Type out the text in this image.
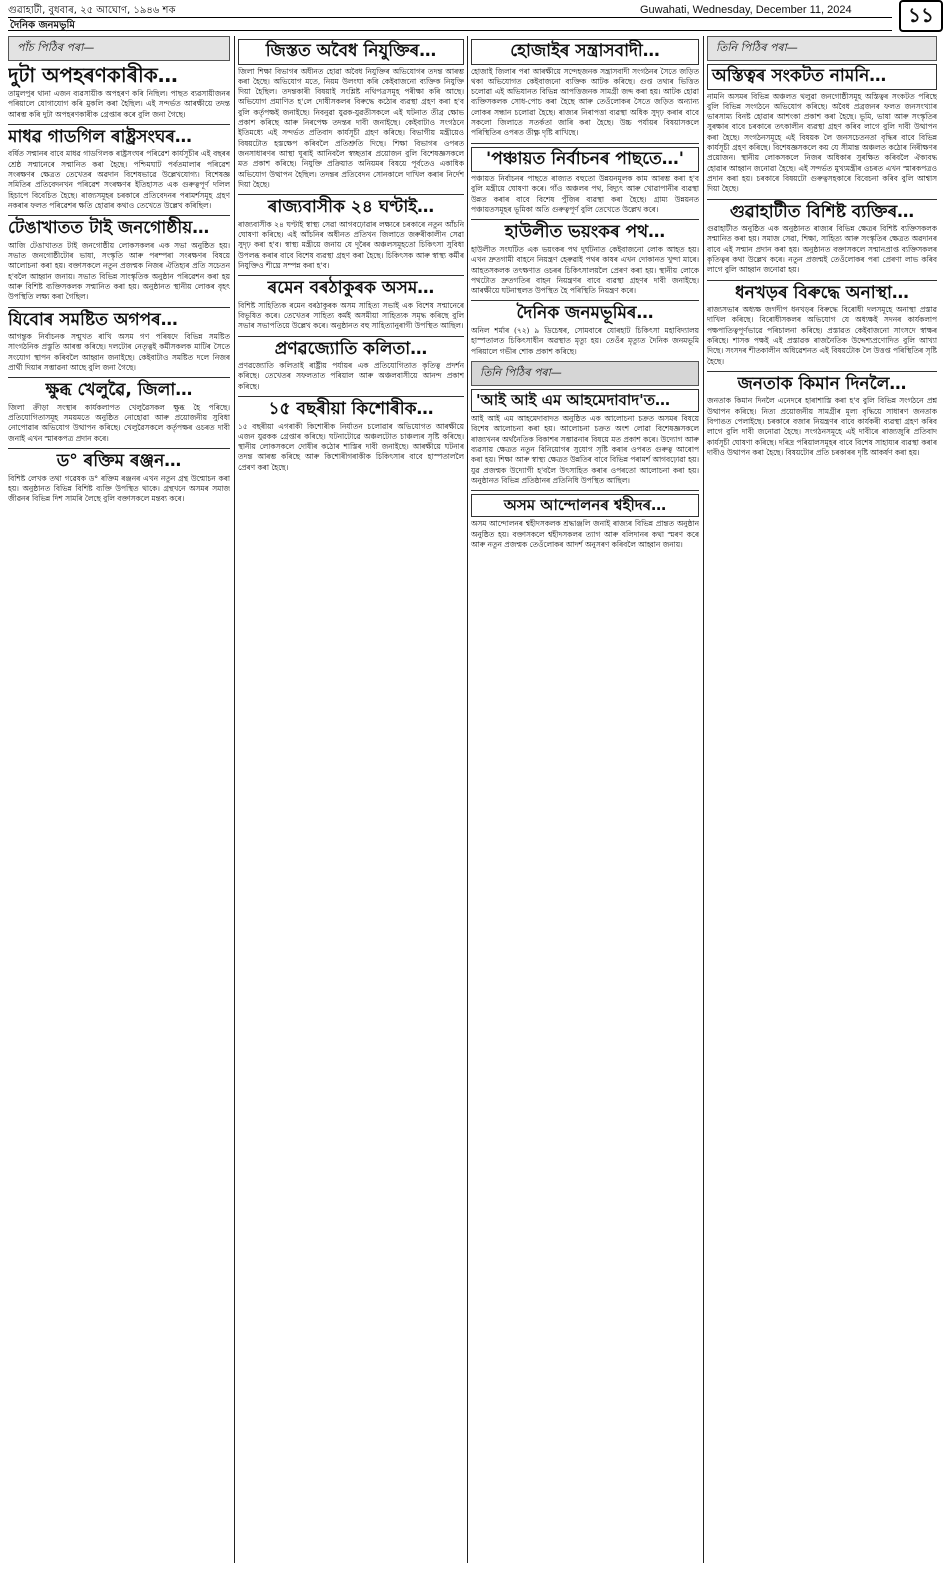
গুৱাহাটী, বুধবাৰ, ২৫ আঘোণ, ১৯৪৬ শক	Guwahati, Wednesday, December 11, 2024	১১
দৈনিক জনমভূমি
পাঁচ পিঠিৰ পৰা—
দুটা অপহৰণকাৰীক…

তামুলপুৰ থানা এজন ব্যৱসায়ীক অপহৰণ কৰি নিছিল। পাছত ব্যৱসায়ীজনৰ পৰিয়ালে যোগাযোগ কৰি মুকলি কৰা হৈছিল। এই সন্দৰ্ভত আৰক্ষীয়ে তদন্ত আৰম্ভ কৰি দুটা অপহৰণকাৰীক গ্ৰেপ্তাৰ কৰে বুলি জনা গৈছে।

মাধৱ গাডগিল ৰাষ্ট্ৰসংঘৰ…

বৰ্ষিত সন্মানৰ বাবে মাধৱ গাডগিলক ৰাষ্ট্ৰসংঘৰ পৰিৱেশ কাৰ্যসূচীৰ এই বছৰৰ শ্ৰেষ্ঠ সন্মানেৰে সন্মানিত কৰা হৈছে। পশ্চিমঘাট পৰ্বতমালাৰ পৰিৱেশ সংৰক্ষণৰ ক্ষেত্ৰত তেখেতৰ অৱদান বিশেষভাৱে উল্লেখযোগ্য। বিশেষজ্ঞ সমিতিৰ প্ৰতিবেদনখন পৰিৱেশ সংৰক্ষণৰ ইতিহাসত এক গুৰুত্বপূৰ্ণ দলিল হিচাপে বিবেচিত হৈছে। ৰাজ্যসমূহৰ চৰকাৰে প্ৰতিবেদনৰ পৰামৰ্শসমূহ গ্ৰহণ নকৰাৰ ফলত পৰিৱেশৰ ক্ষতি হোৱাৰ কথাও তেখেতে উল্লেখ কৰিছিল।

টেঙাখাতত টাই জনগোষ্ঠীয়…

আজি টেঙাখাতত টাই জনগোষ্ঠীয় লোকসকলৰ এক সভা অনুষ্ঠিত হয়। সভাত জনগোষ্ঠীটোৰ ভাষা, সংস্কৃতি আৰু পৰম্পৰা সংৰক্ষণৰ বিষয়ে আলোচনা কৰা হয়। বক্তাসকলে নতুন প্ৰজন্মক নিজৰ ঐতিহ্যৰ প্ৰতি সচেতন হ'বলৈ আহ্বান জনায়। সভাত বিভিন্ন সাংস্কৃতিক অনুষ্ঠান পৰিৱেশন কৰা হয় আৰু বিশিষ্ট ব্যক্তিসকলক সন্মানিত কৰা হয়। অনুষ্ঠানত স্থানীয় লোকৰ বৃহৎ উপস্থিতি লক্ষ্য কৰা গৈছিল।

যিবোৰ সমষ্টিত অগপৰ…

আগন্তুক নিৰ্বাচনক সন্মুখত ৰাখি অসম গণ পৰিষদে বিভিন্ন সমষ্টিত সাংগঠনিক প্ৰস্তুতি আৰম্ভ কৰিছে। দলটোৰ নেতৃত্বই কৰ্মীসকলক মাটিৰ সৈতে সংযোগ স্থাপন কৰিবলৈ আহ্বান জনাইছে। কেইবাটাও সমষ্টিত দলে নিজৰ প্ৰাৰ্থী দিয়াৰ সম্ভাৱনা আছে বুলি জনা গৈছে।

ক্ষুব্ধ খেলুৱৈ, জিলা…

জিলা ক্ৰীড়া সংস্থাৰ কাৰ্যকলাপত খেলুৱৈসকল ক্ষুব্ধ হৈ পৰিছে। প্ৰতিযোগিতাসমূহ সময়মতে অনুষ্ঠিত নোহোৱা আৰু প্ৰয়োজনীয় সুবিধা নোপোৱাৰ অভিযোগ উত্থাপন কৰিছে। খেলুৱৈসকলে কৰ্তৃপক্ষৰ ওচৰত দাবী জনাই এখন স্মাৰকপত্ৰ প্ৰদান কৰে।

ড° ৰক্তিম ৰঞ্জন…

বিশিষ্ট লেখক তথা গৱেষক ড° ৰক্তিম ৰঞ্জনৰ এখন নতুন গ্ৰন্থ উন্মোচন কৰা হয়। অনুষ্ঠানত বিভিন্ন বিশিষ্ট ব্যক্তি উপস্থিত থাকে। গ্ৰন্থখনে অসমৰ সমাজ জীৱনৰ বিভিন্ন দিশ সামৰি লৈছে বুলি বক্তাসকলে মন্তব্য কৰে।

জিস্তত অবৈধ নিযুক্তিৰ…

জিলা শিক্ষা বিভাগৰ অধীনত হোৱা অবৈধ নিযুক্তিৰ অভিযোগৰ তদন্ত আৰম্ভ কৰা হৈছে। অভিযোগ মতে, নিয়ম উলংঘা কৰি কেইবাজনো ব্যক্তিক নিযুক্তি দিয়া হৈছিল। তদন্তকাৰী বিষয়াই সংশ্লিষ্ট নথিপত্ৰসমূহ পৰীক্ষা কৰি আছে। অভিযোগ প্ৰমাণিত হ'লে দোষীসকলৰ বিৰুদ্ধে কঠোৰ ব্যৱস্থা গ্ৰহণ কৰা হ'ব বুলি কৰ্তৃপক্ষই জনাইছে। নিবনুৱা যুৱক-যুৱতীসকলে এই ঘটনাত তীব্ৰ ক্ষোভ প্ৰকাশ কৰিছে আৰু নিৰপেক্ষ তদন্তৰ দাবী জনাইছে। কেইবাটাও সংগঠনে ইতিমধ্যে এই সন্দৰ্ভত প্ৰতিবাদ কাৰ্যসূচী গ্ৰহণ কৰিছে। বিভাগীয় মন্ত্ৰীয়েও বিষয়টোত হস্তক্ষেপ কৰিবলৈ প্ৰতিশ্ৰুতি দিছে। শিক্ষা বিভাগৰ ওপৰত জনসাধাৰণৰ আস্থা ঘূৰাই আনিবলৈ স্বচ্ছতাৰ প্ৰয়োজন বুলি বিশেষজ্ঞসকলে মত প্ৰকাশ কৰিছে। নিযুক্তি প্ৰক্ৰিয়াত অনিয়মৰ বিষয়ে পূৰ্বতেও একাধিক অভিযোগ উত্থাপন হৈছিল। তদন্তৰ প্ৰতিবেদন সোনকালে দাখিল কৰাৰ নিৰ্দেশ দিয়া হৈছে।

ৰাজ্যবাসীক ২৪ ঘণ্টাই…

ৰাজ্যবাসীক ২৪ ঘণ্টাই স্বাস্থ্য সেৱা আগবঢ়োৱাৰ লক্ষ্যৰে চৰকাৰে নতুন আঁচনি ঘোষণা কৰিছে। এই আঁচনিৰ অধীনত প্ৰতিখন জিলাতে জৰুৰীকালীন সেৱা সুদৃঢ় কৰা হ'ব। স্বাস্থ্য মন্ত্ৰীয়ে জনায় যে দূৰৈৰ অঞ্চলসমূহতো চিকিৎসা সুবিধা উপলব্ধ কৰাৰ বাবে বিশেষ ব্যৱস্থা গ্ৰহণ কৰা হৈছে। চিকিৎসক আৰু স্বাস্থ্য কৰ্মীৰ নিযুক্তিও শীঘ্ৰে সম্পন্ন কৰা হ'ব।

ৰমেন বৰঠাকুৰক অসম…

বিশিষ্ট সাহিত্যিক ৰমেন বৰঠাকুৰক অসম সাহিত্য সভাই এক বিশেষ সন্মানেৰে বিভূষিত কৰে। তেখেতৰ সাহিত্য কৰ্মই অসমীয়া সাহিত্যক সমৃদ্ধ কৰিছে বুলি সভাৰ সভাপতিয়ে উল্লেখ কৰে। অনুষ্ঠানত বহু সাহিত্যানুৰাগী উপস্থিত আছিল।

প্ৰণৱজ্যোতি কলিতা…

প্ৰণৱজ্যোতি কলিতাই ৰাষ্ট্ৰীয় পৰ্যায়ৰ এক প্ৰতিযোগিতাত কৃতিত্ব প্ৰদৰ্শন কৰিছে। তেখেতৰ সফলতাত পৰিয়াল আৰু অঞ্চলবাসীয়ে আনন্দ প্ৰকাশ কৰিছে।

১৫ বছৰীয়া কিশোৰীক…

১৫ বছৰীয়া এগৰাকী কিশোৰীক নিৰ্যাতন চলোৱাৰ অভিযোগত আৰক্ষীয়ে এজন যুৱকক গ্ৰেপ্তাৰ কৰিছে। ঘটনাটোৱে অঞ্চলটোত চাঞ্চল্যৰ সৃষ্টি কৰিছে। স্থানীয় লোকসকলে দোষীৰ কঠোৰ শাস্তিৰ দাবী জনাইছে। আৰক্ষীয়ে ঘটনাৰ তদন্ত আৰম্ভ কৰিছে আৰু কিশোৰীগৰাকীক চিকিৎসাৰ বাবে হাস্পতাললৈ প্ৰেৰণ কৰা হৈছে।

হোজাইৰ সন্ত্ৰাসবাদী…

হোজাই জিলাৰ পৰা আৰক্ষীয়ে সন্দেহজনক সন্ত্ৰাসবাদী সংগঠনৰ সৈতে জড়িত থকা অভিযোগত কেইবাজনো ব্যক্তিক আটক কৰিছে। গুপ্ত তথ্যৰ ভিত্তিত চলোৱা এই অভিযানত বিভিন্ন আপত্তিজনক সামগ্ৰী জব্দ কৰা হয়। আটক হোৱা ব্যক্তিসকলক সোধ-পোচ কৰা হৈছে আৰু তেওঁলোকৰ সৈতে জড়িত অন্যান্য লোকৰ সন্ধান চলোৱা হৈছে। ৰাজ্যৰ নিৰাপত্তা ব্যৱস্থা অধিক সুদৃঢ় কৰাৰ বাবে সকলো জিলাতে সতৰ্কতা জাৰি কৰা হৈছে। উচ্চ পৰ্যায়ৰ বিষয়াসকলে পৰিস্থিতিৰ ওপৰত তীক্ষ্ণ দৃষ্টি ৰাখিছে।

'পঞ্চায়ত নিৰ্বাচনৰ পাছতে…'

পঞ্চায়ত নিৰ্বাচনৰ পাছতে ৰাজ্যত বহুতো উন্নয়নমূলক কাম আৰম্ভ কৰা হ'ব বুলি মন্ত্ৰীয়ে ঘোষণা কৰে। গাঁও অঞ্চলৰ পথ, বিদ্যুৎ আৰু খোৱাপানীৰ ব্যৱস্থা উন্নত কৰাৰ বাবে বিশেষ পুঁজিৰ ব্যৱস্থা কৰা হৈছে। গ্ৰাম্য উন্নয়নত পঞ্চায়তসমূহৰ ভূমিকা অতি গুৰুত্বপূৰ্ণ বুলি তেখেতে উল্লেখ কৰে।

হাউলীত ভয়ংকৰ পথ…

হাউলীত সংঘটিত এক ভয়ংকৰ পথ দুৰ্ঘটনাত কেইবাজনো লোক আহত হয়। এখন দ্ৰুতগামী বাহনে নিয়ন্ত্ৰণ হেৰুৱাই পথৰ কাষৰ এখন দোকানত খুন্দা মাৰে। আহতসকলক তৎক্ষণাত ওচৰৰ চিকিৎসালয়লৈ প্ৰেৰণ কৰা হয়। স্থানীয় লোকে পথটোত দ্ৰুতগতিৰ বাহন নিয়ন্ত্ৰণৰ বাবে ব্যৱস্থা গ্ৰহণৰ দাবী জনাইছে। আৰক্ষীয়ে ঘটনাস্থলত উপস্থিত হৈ পৰিস্থিতি নিয়ন্ত্ৰণ কৰে।

দৈনিক জনমভূমিৰ…

অনিল শৰ্মাৰ (৭২) ৯ ডিচেম্বৰ, সোমবাৰে যোৰহাট চিকিৎসা মহাবিদ্যালয় হাস্পতালত চিকিৎসাধীন অৱস্থাত মৃত্যু হয়। তেওঁৰ মৃত্যুত দৈনিক জনমভূমি পৰিয়ালে গভীৰ শোক প্ৰকাশ কৰিছে।

তিনি পিঠিৰ পৰা—
'আই আই এম আহমেদাবাদ'ত…

আই আই এম আহমেদাবাদত অনুষ্ঠিত এক আলোচনা চক্ৰত অসমৰ বিষয়ে বিশেষ আলোচনা কৰা হয়। আলোচনা চক্ৰত অংশ লোৱা বিশেষজ্ঞসকলে ৰাজ্যখনৰ অৰ্থনৈতিক বিকাশৰ সম্ভাৱনাৰ বিষয়ে মত প্ৰকাশ কৰে। উদ্যোগ আৰু ব্যৱসায় ক্ষেত্ৰত নতুন বিনিয়োগৰ সুযোগ সৃষ্টি কৰাৰ ওপৰত গুৰুত্ব আৰোপ কৰা হয়। শিক্ষা আৰু স্বাস্থ্য ক্ষেত্ৰত উন্নতিৰ বাবে বিভিন্ন পৰামৰ্শ আগবঢ়োৱা হয়। যুৱ প্ৰজন্মক উদ্যোগী হ'বলৈ উৎসাহিত কৰাৰ ওপৰতো আলোচনা কৰা হয়। অনুষ্ঠানত বিভিন্ন প্ৰতিষ্ঠানৰ প্ৰতিনিধি উপস্থিত আছিল।

অসম আন্দোলনৰ শ্বহীদৰ…

অসম আন্দোলনৰ শ্বহীদসকলক শ্ৰদ্ধাঞ্জলি জনাই ৰাজ্যৰ বিভিন্ন প্ৰান্তত অনুষ্ঠান অনুষ্ঠিত হয়। বক্তাসকলে শ্বহীদসকলৰ ত্যাগ আৰু বলিদানৰ কথা স্মৰণ কৰে আৰু নতুন প্ৰজন্মক তেওঁলোকৰ আদৰ্শ অনুসৰণ কৰিবলৈ আহ্বান জনায়।

তিনি পিঠিৰ পৰা—
অস্তিত্বৰ সংকটত নামনি…

নামনি অসমৰ বিভিন্ন অঞ্চলত থলুৱা জনগোষ্ঠীসমূহ অস্তিত্বৰ সংকটত পৰিছে বুলি বিভিন্ন সংগঠনে অভিযোগ কৰিছে। অবৈধ প্ৰব্ৰজনৰ ফলত জনসংখ্যাৰ ভাৰসাম্য বিনষ্ট হোৱাৰ আশংকা প্ৰকাশ কৰা হৈছে। ভূমি, ভাষা আৰু সংস্কৃতিৰ সুৰক্ষাৰ বাবে চৰকাৰে তৎকালীন ব্যৱস্থা গ্ৰহণ কৰিব লাগে বুলি দাবী উত্থাপন কৰা হৈছে। সংগঠনসমূহে এই বিষয়ক লৈ জনসচেতনতা বৃদ্ধিৰ বাবে বিভিন্ন কাৰ্যসূচী গ্ৰহণ কৰিছে। বিশেষজ্ঞসকলে কয় যে সীমান্ত অঞ্চলত কঠোৰ নিৰীক্ষণৰ প্ৰয়োজন। স্থানীয় লোকসকলে নিজৰ অধিকাৰ সুৰক্ষিত কৰিবলৈ ঐক্যবদ্ধ হোৱাৰ আহ্বান জনোৱা হৈছে। এই সন্দৰ্ভত মুখ্যমন্ত্ৰীৰ ওচৰত এখন স্মাৰকপত্ৰও প্ৰদান কৰা হয়। চৰকাৰে বিষয়টো গুৰুত্বসহকাৰে বিবেচনা কৰিব বুলি আশ্বাস দিয়া হৈছে।

গুৱাহাটীত বিশিষ্ট ব্যক্তিৰ…

গুৱাহাটীত অনুষ্ঠিত এক অনুষ্ঠানত ৰাজ্যৰ বিভিন্ন ক্ষেত্ৰৰ বিশিষ্ট ব্যক্তিসকলক সন্মানিত কৰা হয়। সমাজ সেৱা, শিক্ষা, সাহিত্য আৰু সংস্কৃতিৰ ক্ষেত্ৰত অৱদানৰ বাবে এই সন্মান প্ৰদান কৰা হয়। অনুষ্ঠানত বক্তাসকলে সন্মানপ্ৰাপ্ত ব্যক্তিসকলৰ কৃতিত্বৰ কথা উল্লেখ কৰে। নতুন প্ৰজন্মই তেওঁলোকৰ পৰা প্ৰেৰণা লাভ কৰিব লাগে বুলি আহ্বান জনোৱা হয়।

ধনখড়ৰ বিৰুদ্ধে অনাস্থা…

ৰাজ্যসভাৰ অধ্যক্ষ জগদীপ ধনখড়ৰ বিৰুদ্ধে বিৰোধী দলসমূহে অনাস্থা প্ৰস্তাৱ দাখিল কৰিছে। বিৰোধীসকলৰ অভিযোগ যে অধ্যক্ষই সদনৰ কাৰ্যকলাপ পক্ষপাতিত্বপূৰ্ণভাৱে পৰিচালনা কৰিছে। প্ৰস্তাৱত কেইবাজনো সাংসদে স্বাক্ষৰ কৰিছে। শাসক পক্ষই এই প্ৰস্তাৱক ৰাজনৈতিক উদ্দেশ্যপ্ৰণোদিত বুলি আখ্যা দিছে। সংসদৰ শীতকালীন অধিৱেশনত এই বিষয়টোক লৈ উত্তপ্ত পৰিস্থিতিৰ সৃষ্টি হৈছে।

জনতাক কিমান দিনলৈ…

জনতাক কিমান দিনলৈ এনেদৰে হাৰাশাস্তি কৰা হ'ব বুলি বিভিন্ন সংগঠনে প্ৰশ্ন উত্থাপন কৰিছে। নিত্য প্ৰয়োজনীয় সামগ্ৰীৰ মূল্য বৃদ্ধিয়ে সাধাৰণ জনতাক বিপাঙত পেলাইছে। চৰকাৰে বজাৰ নিয়ন্ত্ৰণৰ বাবে কাৰ্যকৰী ব্যৱস্থা গ্ৰহণ কৰিব লাগে বুলি দাবী জনোৱা হৈছে। সংগঠনসমূহে এই দাবীৰে ৰাজ্যজুৰি প্ৰতিবাদ কাৰ্যসূচী ঘোষণা কৰিছে। দৰিদ্ৰ পৰিয়ালসমূহৰ বাবে বিশেষ সাহায্যৰ ব্যৱস্থা কৰাৰ দাবীও উত্থাপন কৰা হৈছে। বিষয়টোৰ প্ৰতি চৰকাৰৰ দৃষ্টি আকৰ্ষণ কৰা হয়।
